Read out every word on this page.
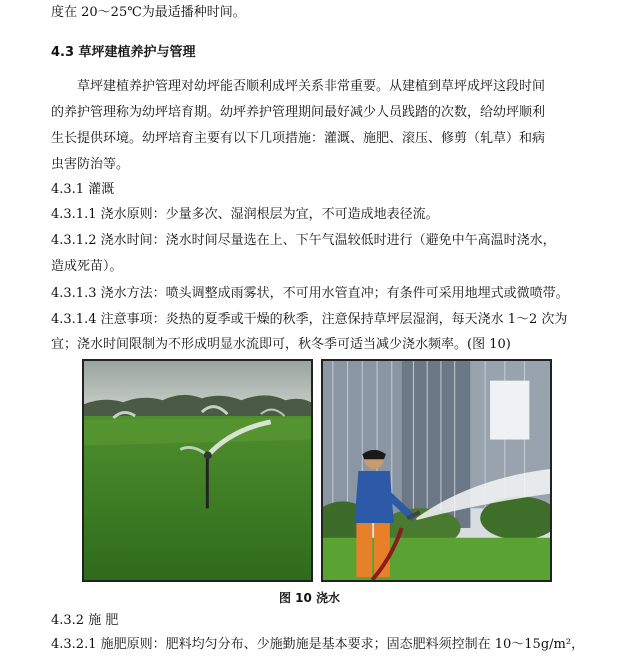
度在 20～25℃为最适播种时间。
4.3 草坪建植养护与管理
草坪建植养护管理对幼坪能否顺利成坪关系非常重要。从建植到草坪成坪这段时间
的养护管理称为幼坪培育期。幼坪养护管理期间最好减少人员践踏的次数，给幼坪顺利
生长提供环境。幼坪培育主要有以下几项措施：灌溉、施肥、滚压、修剪（轧草）和病
虫害防治等。
4.3.1 灌溉
4.3.1.1 浇水原则：少量多次、湿润根层为宜，不可造成地表径流。
4.3.1.2 浇水时间：浇水时间尽量选在上、下午气温较低时进行（避免中午高温时浇水，
造成死苗）。
4.3.1.3 浇水方法：喷头调整成雨雾状，不可用水管直冲；有条件可采用地埋式或微喷带。
4.3.1.4 注意事项：炎热的夏季或干燥的秋季，注意保持草坪层湿润，每天浇水 1～2 次为
宜；浇水时间限制为不形成明显水流即可，秋冬季可适当减少浇水频率。(图 10)
图 10 浇水
4.3.2 施 肥
4.3.2.1 施肥原则：肥料均匀分布、少施勤施是基本要求；固态肥料须控制在 10～15g/m²，
